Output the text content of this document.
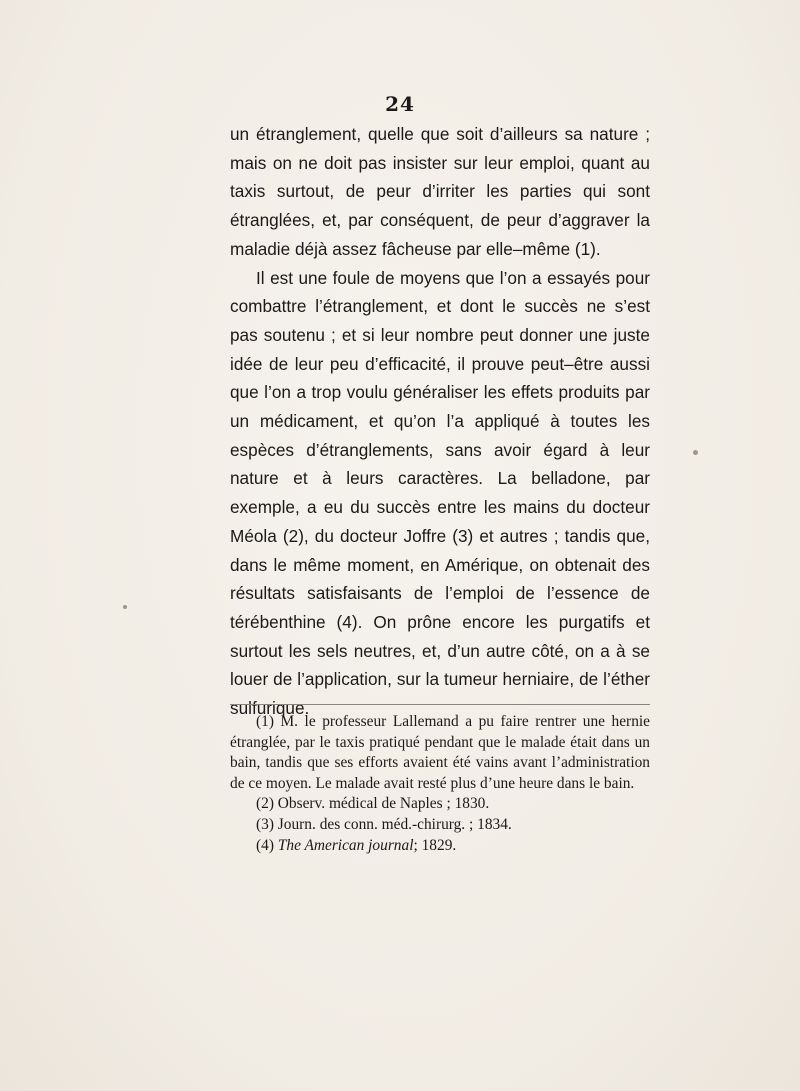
24

un étranglement, quelle que soit d’ailleurs sa nature ; mais on ne doit pas insister sur leur emploi, quant au taxis surtout, de peur d’irriter les parties qui sont étranglées, et, par conséquent, de peur d’aggraver la maladie déjà assez fâcheuse par elle–même (1).

Il est une foule de moyens que l’on a essayés pour combattre l’étranglement, et dont le succès ne s’est pas soutenu ; et si leur nombre peut donner une juste idée de leur peu d’efficacité, il prouve peut–être aussi que l’on a trop voulu généraliser les effets produits par un médicament, et qu’on l’a appliqué à toutes les espèces d’étranglements, sans avoir égard à leur nature et à leurs caractères. La belladone, par exemple, a eu du succès entre les mains du docteur Méola (2), du docteur Joffre (3) et autres ; tandis que, dans le même moment, en Amérique, on obtenait des résultats satisfaisants de l’emploi de l’essence de térébenthine (4). On prône encore les purgatifs et surtout les sels neutres, et, d’un autre côté, on a à se louer de l’application, sur la tumeur herniaire, de l’éther sulfurique.

(1) M. le professeur Lallemand a pu faire rentrer une hernie étranglée, par le taxis pratiqué pendant que le malade était dans un bain, tandis que ses efforts avaient été vains avant l’administration de ce moyen. Le malade avait resté plus d’une heure dans le bain.

(2) Observ. médical de Naples ; 1830.

(3) Journ. des conn. méd.-chirurg. ; 1834.

(4) The American journal; 1829.
